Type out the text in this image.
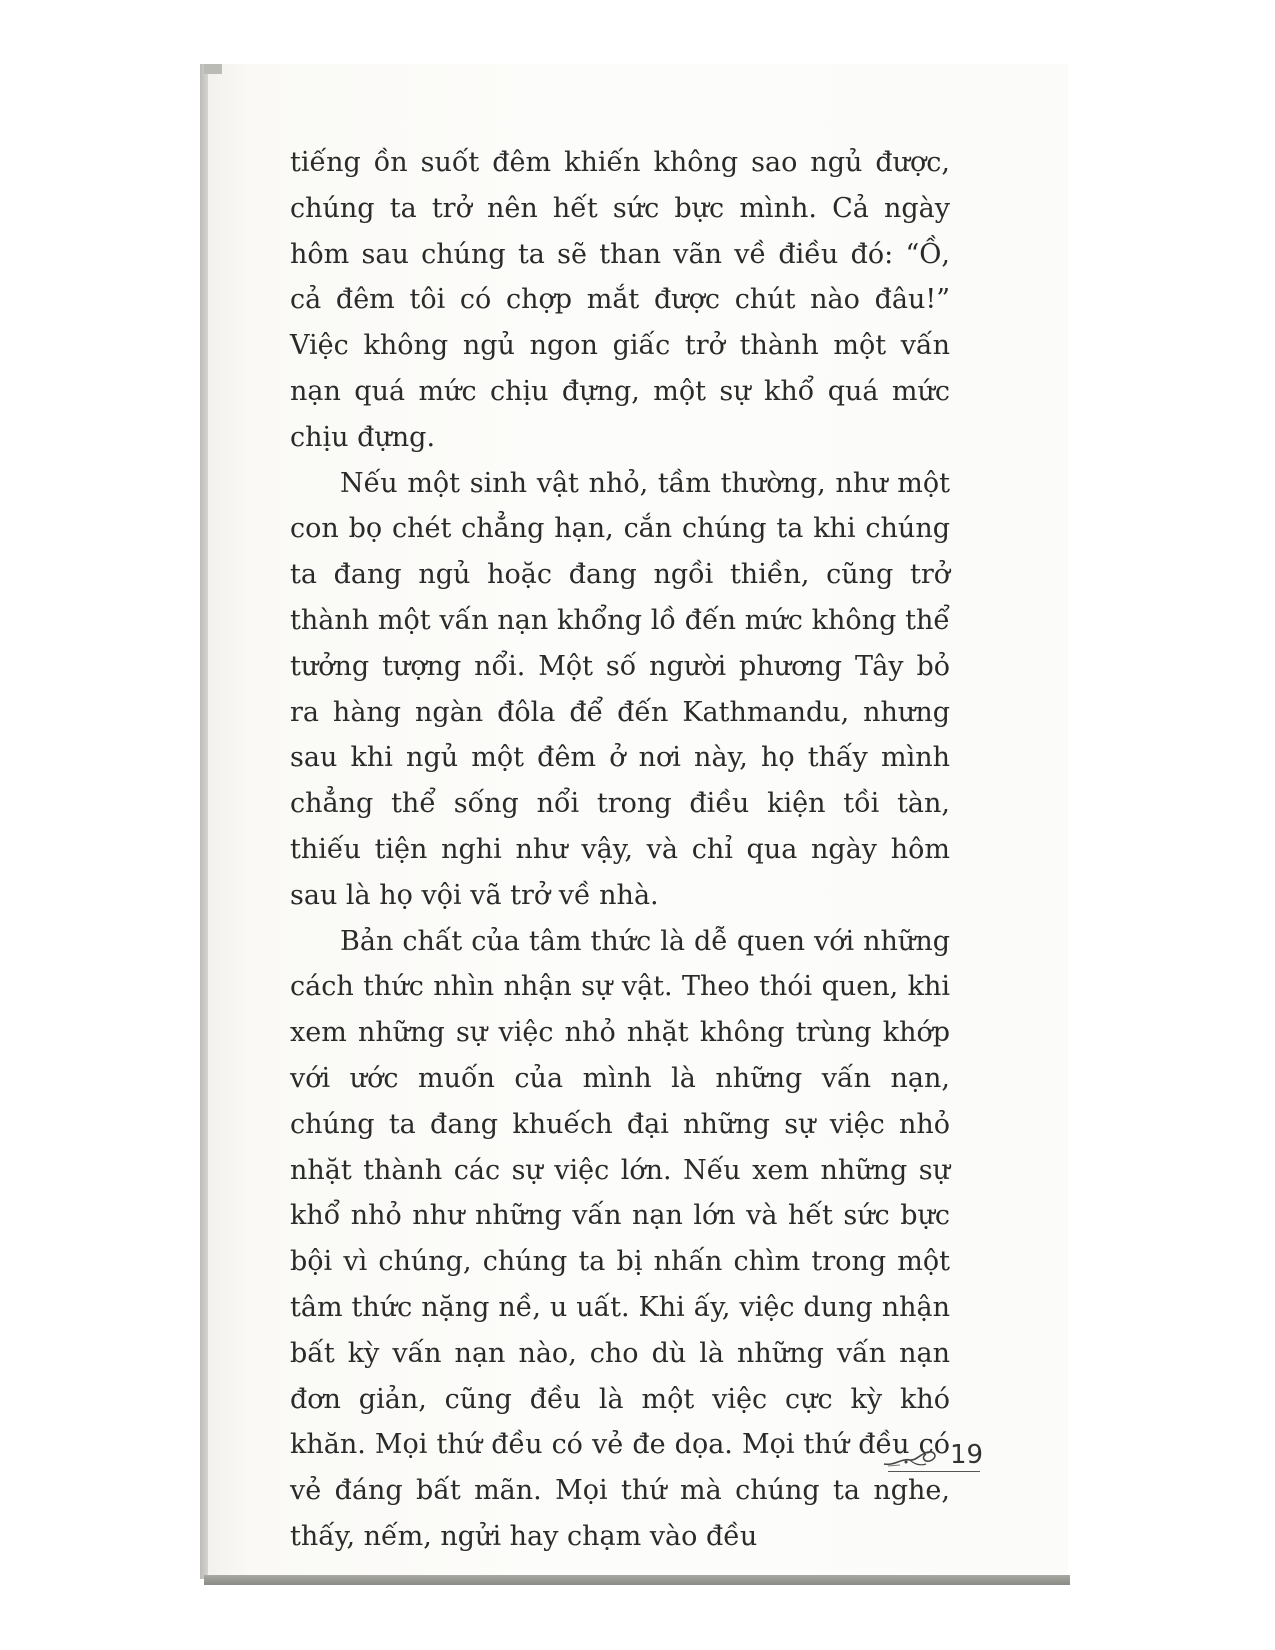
tiếng ồn suốt đêm khiến không sao ngủ được, chúng ta trở nên hết sức bực mình. Cả ngày hôm sau chúng ta sẽ than vãn về điều đó: “Ồ, cả đêm tôi có chợp mắt được chút nào đâu!” Việc không ngủ ngon giấc trở thành một vấn nạn quá mức chịu đựng, một sự khổ quá mức chịu đựng.

Nếu một sinh vật nhỏ, tầm thường, như một con bọ chét chẳng hạn, cắn chúng ta khi chúng ta đang ngủ hoặc đang ngồi thiền, cũng trở thành một vấn nạn khổng lồ đến mức không thể tưởng tượng nổi. Một số người phương Tây bỏ ra hàng ngàn đôla để đến Kathmandu, nhưng sau khi ngủ một đêm ở nơi này, họ thấy mình chẳng thể sống nổi trong điều kiện tồi tàn, thiếu tiện nghi như vậy, và chỉ qua ngày hôm sau là họ vội vã trở về nhà.

Bản chất của tâm thức là dễ quen với những cách thức nhìn nhận sự vật. Theo thói quen, khi xem những sự việc nhỏ nhặt không trùng khớp với ước muốn của mình là những vấn nạn, chúng ta đang khuếch đại những sự việc nhỏ nhặt thành các sự việc lớn. Nếu xem những sự khổ nhỏ như những vấn nạn lớn và hết sức bực bội vì chúng, chúng ta bị nhấn chìm trong một tâm thức nặng nề, u uất. Khi ấy, việc dung nhận bất kỳ vấn nạn nào, cho dù là những vấn nạn đơn giản, cũng đều là một việc cực kỳ khó khăn. Mọi thứ đều có vẻ đe dọa. Mọi thứ đều có vẻ đáng bất mãn. Mọi thứ mà chúng ta nghe, thấy, nếm, ngửi hay chạm vào đều

19
